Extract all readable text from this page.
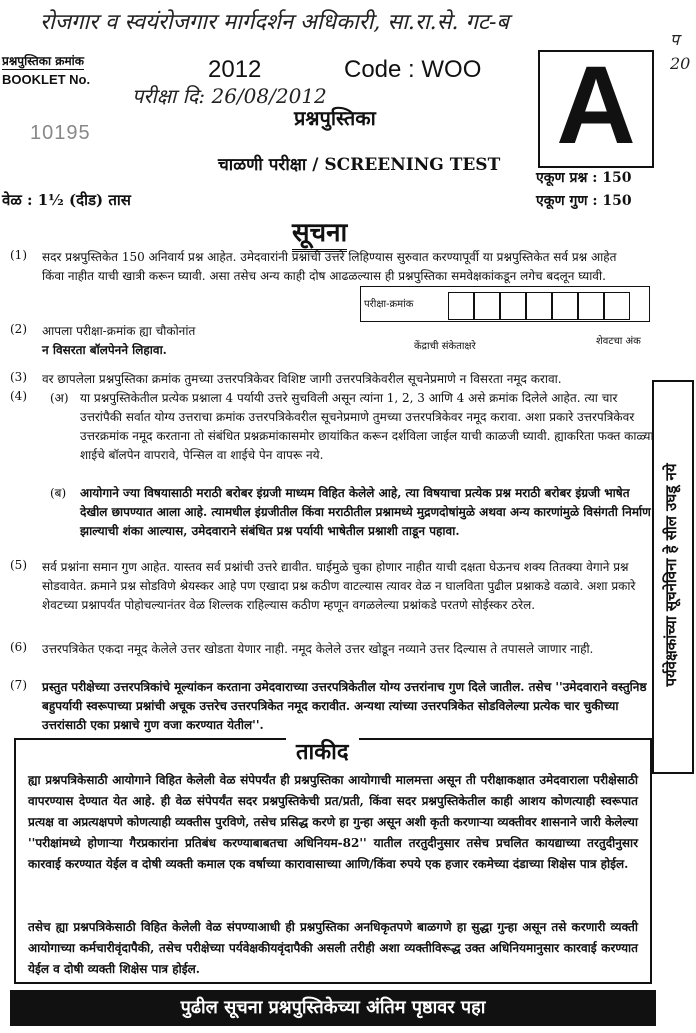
रोजगार व स्वयंरोजगार मार्गदर्शन अधिकारी, सा.रा.से. गट-ब
प 20
प्रश्नपुस्तिका क्रमांक
BOOKLET No.	2012	Code : WOO
परीक्षा दि: 26/08/2012
10195
प्रश्नपुस्तिका
चाळणी परीक्षा / SCREENING TEST A
एकूण प्रश्न : 150
एकूण गुण : 150
वेळ : 1½ (दीड) तास
सूचना
(1) सदर प्रश्नपुस्तिकेत 150 अनिवार्य प्रश्न आहेत. उमेदवारांनी प्रश्नांची उत्तरे लिहिण्यास सुरुवात करण्यापूर्वी या प्रश्नपुस्तिकेत सर्व प्रश्न आहेत किंवा नाहीत याची खात्री करून घ्यावी. असा तसेच अन्य काही दोष आढळल्यास ही प्रश्नपुस्तिका समवेक्षकांकडून लगेच बदलून घ्यावी.
(2) आपला परीक्षा-क्रमांक ह्या चौकोनांत
न विसरता बॉलपेनने लिहावा.
परीक्षा-क्रमांक
केंद्राची संकेताक्षरे	शेवटचा अंक
(3) वर छापलेला प्रश्नपुस्तिका क्रमांक तुमच्या उत्तरपत्रिकेवर विशिष्ट जागी उत्तरपत्रिकेवरील सूचनेप्रमाणे न विसरता नमूद करावा.
(4) (अ) या प्रश्नपुस्तिकेतील प्रत्येक प्रश्नाला 4 पर्यायी उत्तरे सुचविली असून त्यांना 1, 2, 3 आणि 4 असे क्रमांक दिलेले आहेत. त्या चार उत्तरांपैकी सर्वात योग्य उत्तराचा क्रमांक उत्तरपत्रिकेवरील सूचनेप्रमाणे तुमच्या उत्तरपत्रिकेवर नमूद करावा. अशा प्रकारे उत्तरपत्रिकेवर उत्तरक्रमांक नमूद करताना तो संबंधित प्रश्नक्रमांकासमोर छायांकित करून दर्शविला जाईल याची काळजी घ्यावी. ह्याकरिता फक्त काळ्या शाईचे बॉलपेन वापरावे, पेन्सिल वा शाईचे पेन वापरू नये.
(ब) आयोगाने ज्या विषयासाठी मराठी बरोबर इंग्रजी माध्यम विहित केलेले आहे, त्या विषयाचा प्रत्येक प्रश्न मराठी बरोबर इंग्रजी भाषेत देखील छापण्यात आला आहे. त्यामधील इंग्रजीतील किंवा मराठीतील प्रश्नामध्ये मुद्रणदोषांमुळे अथवा अन्य कारणांमुळे विसंगती निर्माण झाल्याची शंका आल्यास, उमेदवाराने संबंधित प्रश्न पर्यायी भाषेतील प्रश्नाशी ताडून पहावा.
(5) सर्व प्रश्नांना समान गुण आहेत. यास्तव सर्व प्रश्नांची उत्तरे द्यावीत. घाईमुळे चुका होणार नाहीत याची दक्षता घेऊनच शक्य तितक्या वेगाने प्रश्न सोडवावेत. क्रमाने प्रश्न सोडविणे श्रेयस्कर आहे पण एखादा प्रश्न कठीण वाटल्यास त्यावर वेळ न घालविता पुढील प्रश्नाकडे वळावे. अशा प्रकारे शेवटच्या प्रश्नापर्यंत पोहोचल्यानंतर वेळ शिल्लक राहिल्यास कठीण म्हणून वगळलेल्या प्रश्नांकडे परतणे सोईस्कर ठरेल.
(6) उत्तरपत्रिकेत एकदा नमूद केलेले उत्तर खोडता येणार नाही. नमूद केलेले उत्तर खोडून नव्याने उत्तर दिल्यास ते तपासले जाणार नाही.
(7) प्रस्तुत परीक्षेच्या उत्तरपत्रिकांचे मूल्यांकन करताना उमेदवाराच्या उत्तरपत्रिकेतील योग्य उत्तरांनाच गुण दिले जातील. तसेच ''उमेदवाराने वस्तुनिष्ठ बहुपर्यायी स्वरूपाच्या प्रश्नांची अचूक उत्तरेच उत्तरपत्रिकेत नमूद करावीत. अन्यथा त्यांच्या उत्तरपत्रिकेत सोडविलेल्या प्रत्येक चार चुकीच्या उत्तरांसाठी एका प्रश्नाचे गुण वजा करण्यात येतील''.
पर्यवेक्षकांच्या सूचनेविना हे सील उघडू नये
ताकीद
ह्या प्रश्नपत्रिकेसाठी आयोगाने विहित केलेली वेळ संपेपर्यंत ही प्रश्नपुस्तिका आयोगाची मालमत्ता असून ती परीक्षाकक्षात उमेदवाराला परीक्षेसाठी वापरण्यास देण्यात येत आहे. ही वेळ संपेपर्यंत सदर प्रश्नपुस्तिकेची प्रत/प्रती, किंवा सदर प्रश्नपुस्तिकेतील काही आशय कोणत्याही स्वरूपात प्रत्यक्ष वा अप्रत्यक्षपणे कोणत्याही व्यक्तीस पुरविणे, तसेच प्रसिद्ध करणे हा गुन्हा असून अशी कृती करणाऱ्या व्यक्तीवर शासनाने जारी केलेल्या ''परीक्षांमध्ये होणाऱ्या गैरप्रकारांना प्रतिबंध करण्याबाबतचा अधिनियम-82'' यातील तरतुदीनुसार तसेच प्रचलित कायद्याच्या तरतुदीनुसार कारवाई करण्यात येईल व दोषी व्यक्ती कमाल एक वर्षाच्या कारावासाच्या आणि/किंवा रुपये एक हजार रकमेच्या दंडाच्या शिक्षेस पात्र होईल.
तसेच ह्या प्रश्नपत्रिकेसाठी विहित केलेली वेळ संपण्याआधी ही प्रश्नपुस्तिका अनधिकृतपणे बाळगणे हा सुद्धा गुन्हा असून तसे करणारी व्यक्ती आयोगाच्या कर्मचारीवृंदापैकी, तसेच परीक्षेच्या पर्यवेक्षकीयवृंदापैकी असली तरीही अशा व्यक्तीविरूद्ध उक्त अधिनियमानुसार कारवाई करण्यात येईल व दोषी व्यक्ती शिक्षेस पात्र होईल.
पुढील सूचना प्रश्नपुस्तिकेच्या अंतिम पृष्ठावर पहा
